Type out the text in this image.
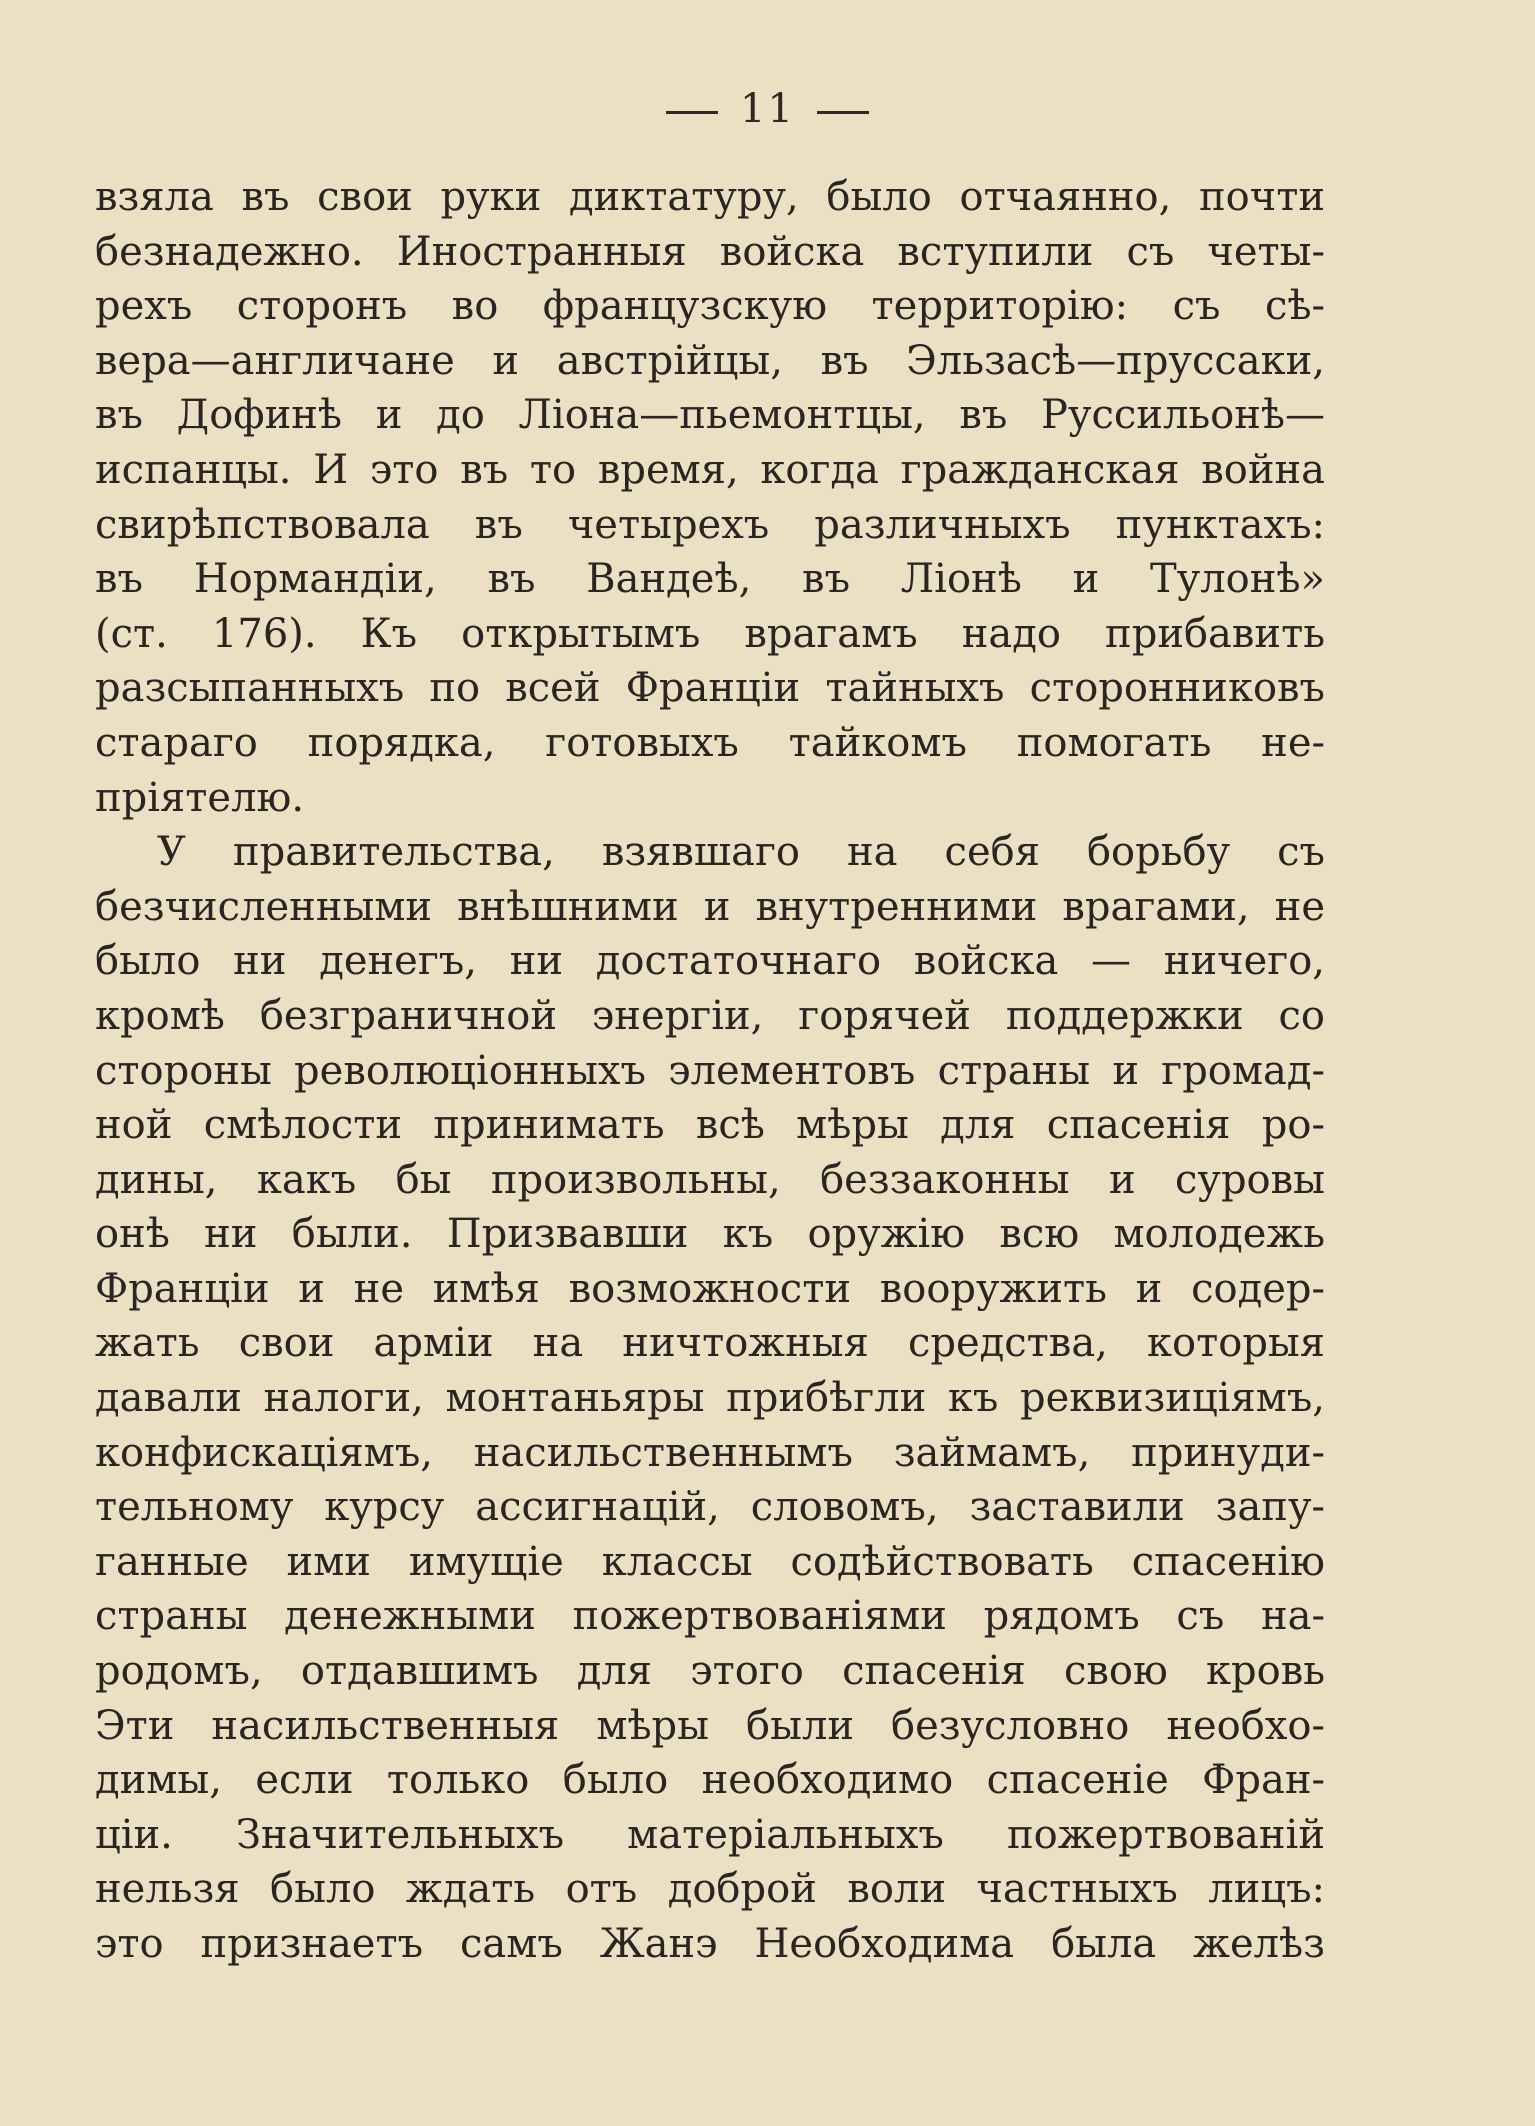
11
взяла въ свои руки диктатуру, было отчаянно, почти
безнадежно. Иностранныя войска вступили съ четы-
рехъ сторонъ во французскую территорію: съ сѣ-
вера—англичане и австрійцы, въ Эльзасѣ—пруссаки,
въ Дофинѣ и до Ліона—пьемонтцы, въ Руссильонѣ—
испанцы. И это въ то время, когда гражданская война
свирѣпствовала въ четырехъ различныхъ пунктахъ:
въ Нормандіи, въ Вандеѣ, въ Ліонѣ и Тулонѣ»
(ст. 176). Къ открытымъ врагамъ надо прибавить
разсыпанныхъ по всей Франціи тайныхъ сторонниковъ
стараго порядка, готовыхъ тайкомъ помогать не-
пріятелю.
У правительства, взявшаго на себя борьбу съ
безчисленными внѣшними и внутренними врагами, не
было ни денегъ, ни достаточнаго войска — ничего,
кромѣ безграничной энергіи, горячей поддержки со
стороны революціонныхъ элементовъ страны и громад-
ной смѣлости принимать всѣ мѣры для спасенія ро-
дины, какъ бы произвольны, беззаконны и суровы
онѣ ни были. Призвавши къ оружію всю молодежь
Франціи и не имѣя возможности вооружить и содер-
жать свои арміи на ничтожныя средства, которыя
давали налоги, монтаньяры прибѣгли къ реквизиціямъ,
конфискаціямъ, насильственнымъ займамъ, принуди-
тельному курсу ассигнацій, словомъ, заставили запу-
ганные ими имущіе классы содѣйствовать спасенію
страны денежными пожертвованіями рядомъ съ на-
родомъ, отдавшимъ для этого спасенія свою кровь
Эти насильственныя мѣры были безусловно необхо-
димы, если только было необходимо спасеніе Фран-
ціи. Значительныхъ матеріальныхъ пожертвованій
нельзя было ждать отъ доброй воли частныхъ лицъ:
это признаетъ самъ Жанэ Необходима была желѣз
